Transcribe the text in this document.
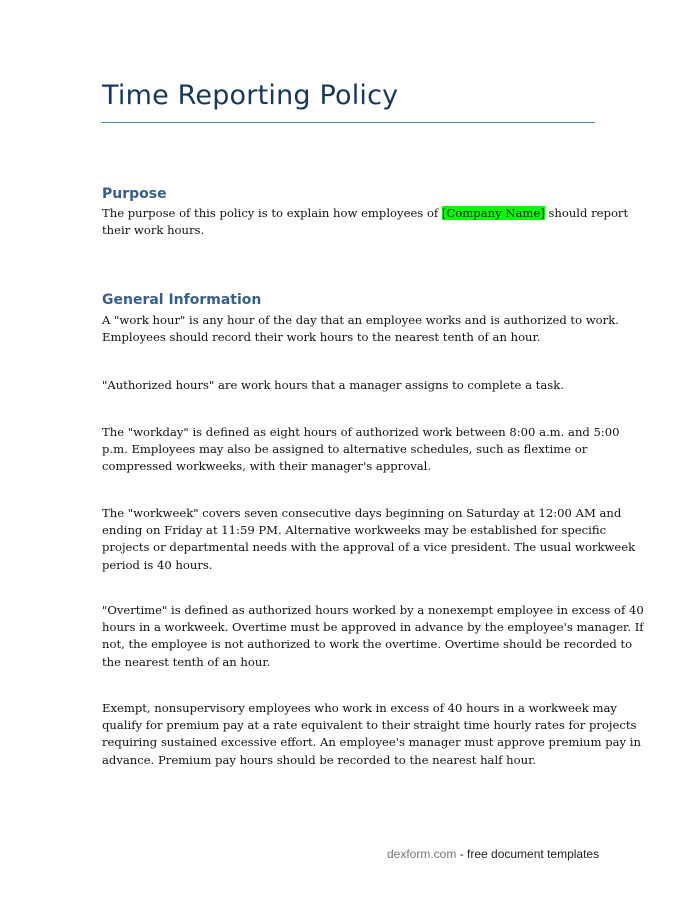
Time Reporting Policy
Purpose
The purpose of this policy is to explain how employees of [Company Name] should report
their work hours.
General Information
A "work hour" is any hour of the day that an employee works and is authorized to work.
Employees should record their work hours to the nearest tenth of an hour.
"Authorized hours" are work hours that a manager assigns to complete a task.
The "workday" is defined as eight hours of authorized work between 8:00 a.m. and 5:00
p.m. Employees may also be assigned to alternative schedules, such as flextime or
compressed workweeks, with their manager's approval.
The "workweek" covers seven consecutive days beginning on Saturday at 12:00 AM and
ending on Friday at 11:59 PM. Alternative workweeks may be established for specific
projects or departmental needs with the approval of a vice president. The usual workweek
period is 40 hours.
"Overtime" is defined as authorized hours worked by a nonexempt employee in excess of 40
hours in a workweek. Overtime must be approved in advance by the employee's manager. If
not, the employee is not authorized to work the overtime. Overtime should be recorded to
the nearest tenth of an hour.
Exempt, nonsupervisory employees who work in excess of 40 hours in a workweek may
qualify for premium pay at a rate equivalent to their straight time hourly rates for projects
requiring sustained excessive effort. An employee's manager must approve premium pay in
advance. Premium pay hours should be recorded to the nearest half hour.
dexform.com - free document templates
